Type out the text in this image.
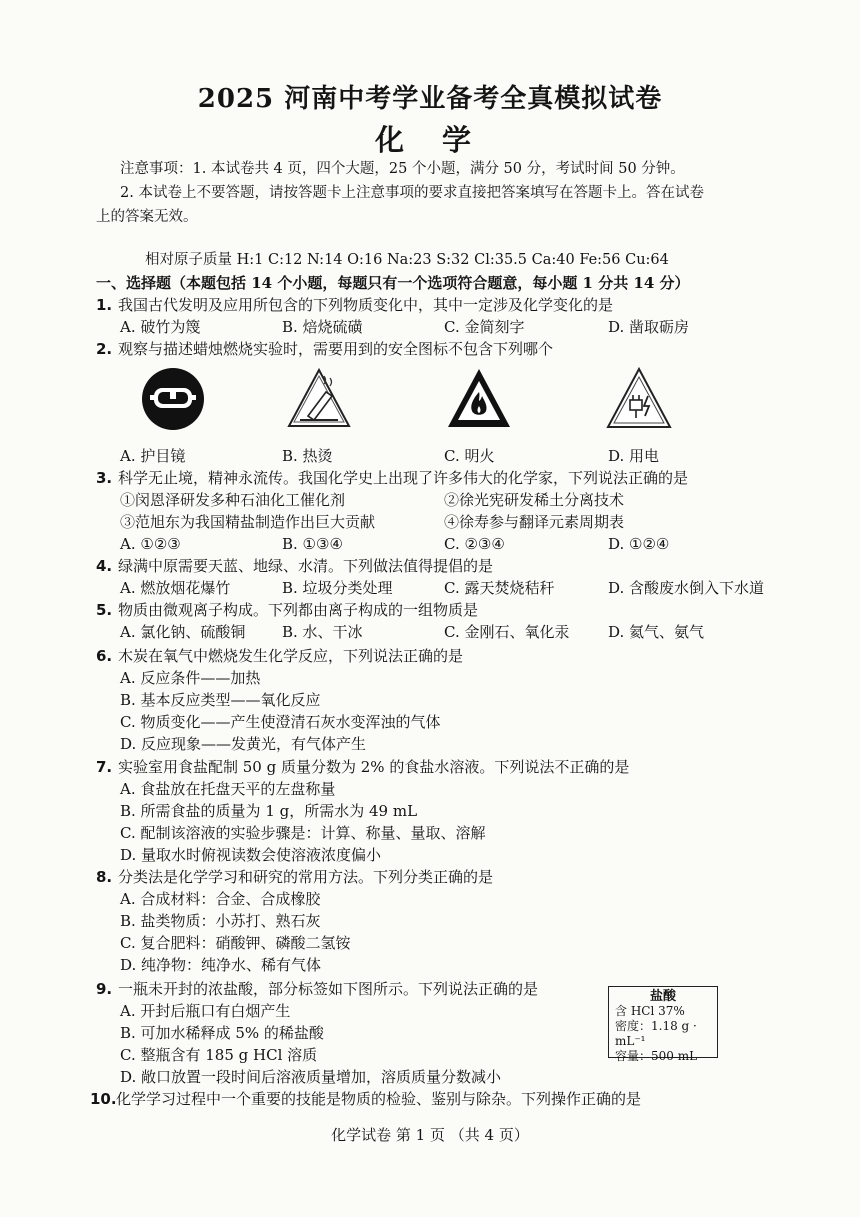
2025 河南中考学业备考全真模拟试卷
化 学
注意事项：1. 本试卷共 4 页，四个大题，25 个小题，满分 50 分，考试时间 50 分钟。
2. 本试卷上不要答题，请按答题卡上注意事项的要求直接把答案填写在答题卡上。答在试卷
上的答案无效。
相对原子质量 H:1 C:12 N:14 O:16 Na:23 S:32 Cl:35.5 Ca:40 Fe:56 Cu:64
一、选择题（本题包括 14 个小题，每题只有一个选项符合题意，每小题 1 分共 14 分）
1. 我国古代发明及应用所包含的下列物质变化中，其中一定涉及化学变化的是
A. 破竹为篾	B. 焙烧硫磺	C. 金简刻字	D. 凿取砺房
2. 观察与描述蜡烛燃烧实验时，需要用到的安全图标不包含下列哪个
A. 护目镜	B. 热烫	C. 明火	D. 用电
3. 科学无止境，精神永流传。我国化学史上出现了许多伟大的化学家，下列说法正确的是
①闵恩泽研发多种石油化工催化剂	②徐光宪研发稀土分离技术
③范旭东为我国精盐制造作出巨大贡献	④徐寿参与翻译元素周期表
A. ①②③	B. ①③④	C. ②③④	D. ①②④
4. 绿满中原需要天蓝、地绿、水清。下列做法值得提倡的是
A. 燃放烟花爆竹	B. 垃圾分类处理	C. 露天焚烧秸秆	D. 含酸废水倒入下水道
5. 物质由微观离子构成。下列都由离子构成的一组物质是
A. 氯化钠、硫酸铜 B. 水、干冰	C. 金刚石、氧化汞	D. 氦气、氨气
6. 木炭在氧气中燃烧发生化学反应，下列说法正确的是
A. 反应条件——加热
B. 基本反应类型——氧化反应
C. 物质变化——产生使澄清石灰水变浑浊的气体
D. 反应现象——发黄光，有气体产生
7. 实验室用食盐配制 50 g 质量分数为 2% 的食盐水溶液。下列说法不正确的是
A. 食盐放在托盘天平的左盘称量
B. 所需食盐的质量为 1 g，所需水为 49 mL
C. 配制该溶液的实验步骤是：计算、称量、量取、溶解
D. 量取水时俯视读数会使溶液浓度偏小
8. 分类法是化学学习和研究的常用方法。下列分类正确的是
A. 合成材料：合金、合成橡胶
B. 盐类物质：小苏打、熟石灰
C. 复合肥料：硝酸钾、磷酸二氢铵
D. 纯净物：纯净水、稀有气体
9. 一瓶未开封的浓盐酸，部分标签如下图所示。下列说法正确的是
A. 开封后瓶口有白烟产生
B. 可加水稀释成 5% 的稀盐酸
C. 整瓶含有 185 g HCl 溶质
D. 敞口放置一段时间后溶液质量增加，溶质质量分数减小
盐酸
含 HCl 37%
密度：1.18 g · mL⁻¹
容量：500 mL
10.化学学习过程中一个重要的技能是物质的检验、鉴别与除杂。下列操作正确的是
化学试卷 第 1 页 （共 4 页）
